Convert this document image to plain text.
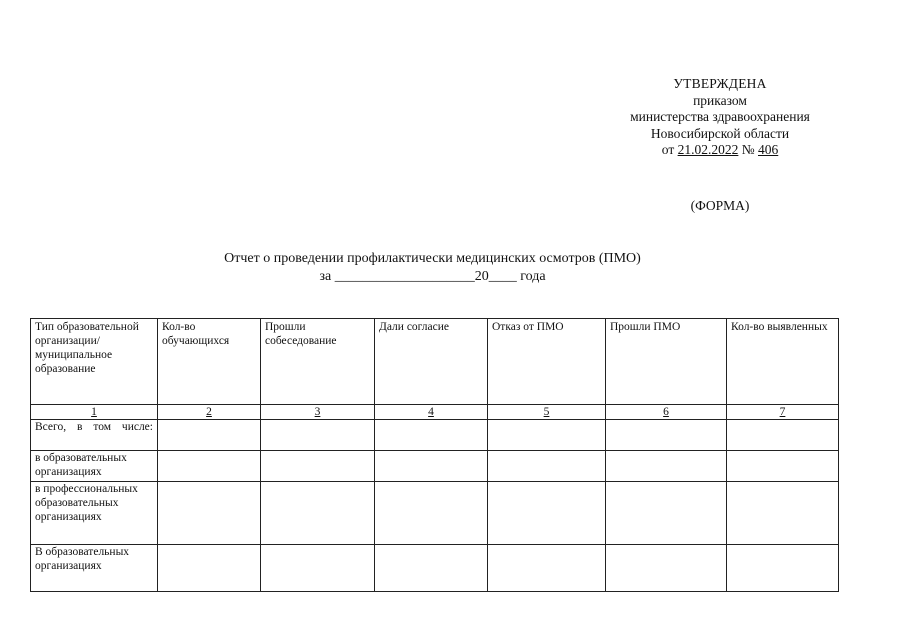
УТВЕРЖДЕНА
приказом
министерства здравоохранения
Новосибирской области
от 21.02.2022 № 406
(ФОРМА)
Отчет о проведении профилактически медицинских осмотров (ПМО)
за ____________________20____ года
Тип образовательной организации/ муниципальное образование	Кол-во обучающихся	Прошли собеседование	Дали согласие	Отказ от ПМО	Прошли ПМО	Кол-во выявленных
1	2	3	4	5	6	7
Всего, в том числе:						
в образовательных организациях						
в профессиональных образовательных организациях						
В образовательных организациях						
